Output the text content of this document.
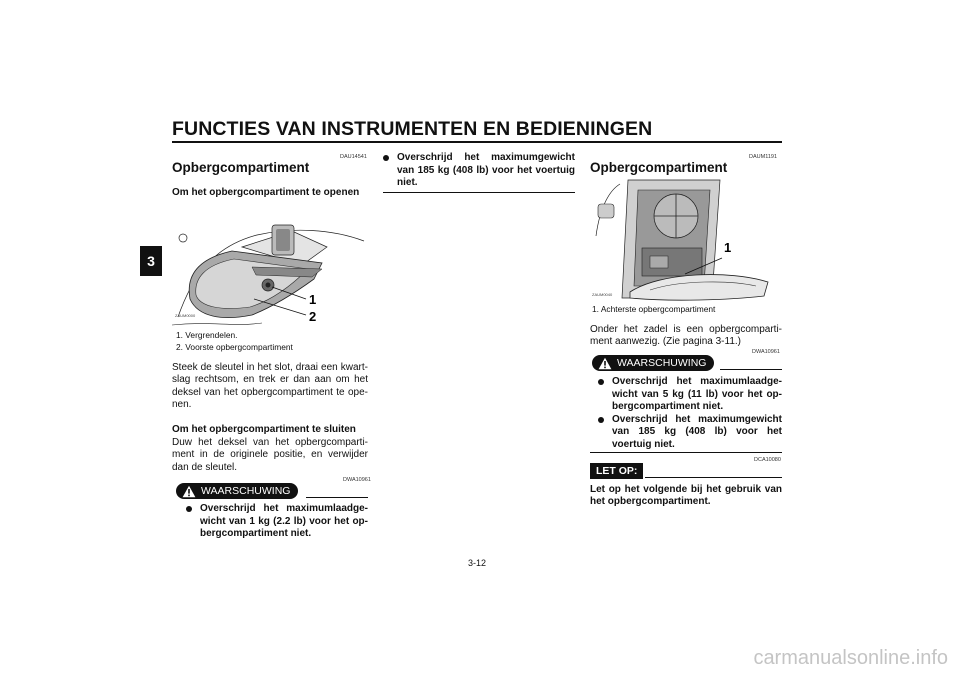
FUNCTIES VAN INSTRUMENTEN EN BEDIENINGEN
3
DAU14541
Opbergcompartiment
Om het opbergcompartiment te openen
1
2
ZAUM0000
1. Vergrendelen.
2. Voorste opbergcompartiment
Steek de sleutel in het slot, draai een kwart-slag rechtsom, en trek er dan aan om het deksel van het opbergcompartiment te ope-nen.
Om het opbergcompartiment te sluiten
Duw het deksel van het opbergcomparti-ment in de originele positie, en verwijder dan de sleutel.
DWA10961
WAARSCHUWING
Overschrijd het maximumlaadge-wicht van 1 kg (2.2 lb) voor het op-bergcompartiment niet.
Overschrijd het maximumgewicht van 185 kg (408 lb) voor het voertuig niet.
DAUM1191
Opbergcompartiment
1
ZAUM0040
1. Achterste opbergcompartiment
Onder het zadel is een opbergcomparti-ment aanwezig. (Zie pagina 3-11.)
DWA10961
WAARSCHUWING
Overschrijd het maximumlaadge-wicht van 5 kg (11 lb) voor het op-bergcompartiment niet.
Overschrijd het maximumgewicht van 185 kg (408 lb) voor het voertuig niet.
DCA10080
LET OP:
Let op het volgende bij het gebruik van het opbergcompartiment.
3-12
carmanualsonline.info
